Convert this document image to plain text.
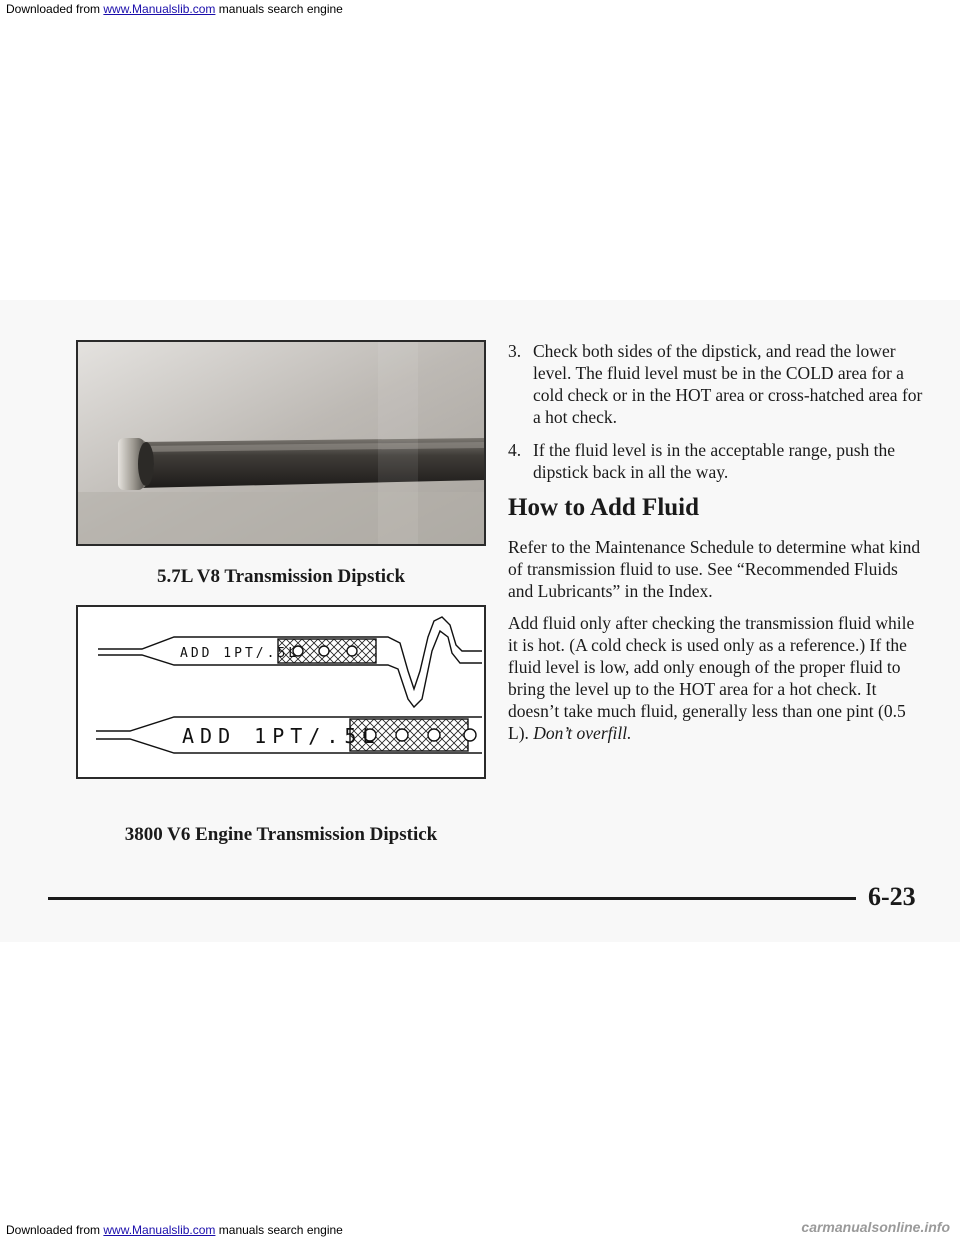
Downloaded from www.Manualslib.com manuals search engine
5.7L V8 Transmission Dipstick
ADD 1PT/.5L
ADD 1PT/.5L
3800 V6 Engine Transmission Dipstick
3. Check both sides of the dipstick, and read the lower level. The fluid level must be in the COLD area for a cold check or in the HOT area or cross-hatched area for a hot check.
4. If the fluid level is in the acceptable range, push the dipstick back in all the way.
How to Add Fluid

Refer to the Maintenance Schedule to determine what kind of transmission fluid to use. See “Recommended Fluids and Lubricants” in the Index.

Add fluid only after checking the transmission fluid while it is hot. (A cold check is used only as a reference.) If the fluid level is low, add only enough of the proper fluid to bring the level up to the HOT area for a hot check. It doesn’t take much fluid, generally less than one pint (0.5 L). Don’t overfill.

6-23
Downloaded from www.Manualslib.com manuals search engine	carmanualsonline.info
